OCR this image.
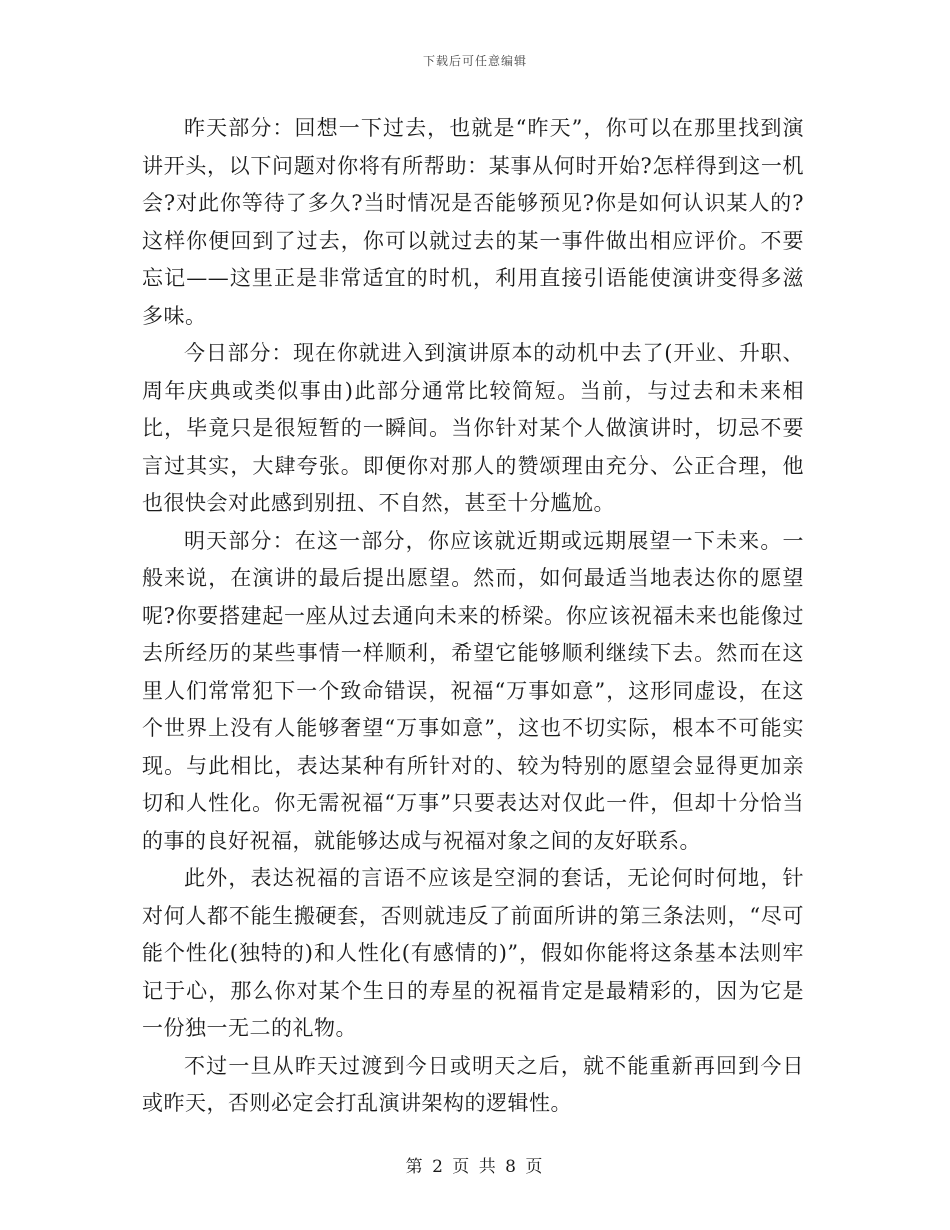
下载后可任意编辑

昨天部分：回想一下过去，也就是“昨天”，你可以在那里找到演讲开头，以下问题对你将有所帮助：某事从何时开始?怎样得到这一机会?对此你等待了多久?当时情况是否能够预见?你是如何认识某人的?这样你便回到了过去，你可以就过去的某一事件做出相应评价。不要忘记——这里正是非常适宜的时机，利用直接引语能使演讲变得多滋多味。

今日部分：现在你就进入到演讲原本的动机中去了(开业、升职、周年庆典或类似事由)此部分通常比较简短。当前，与过去和未来相比，毕竟只是很短暂的一瞬间。当你针对某个人做演讲时，切忌不要言过其实，大肆夸张。即便你对那人的赞颂理由充分、公正合理，他也很快会对此感到别扭、不自然，甚至十分尴尬。

明天部分：在这一部分，你应该就近期或远期展望一下未来。一般来说，在演讲的最后提出愿望。然而，如何最适当地表达你的愿望呢?你要搭建起一座从过去通向未来的桥梁。你应该祝福未来也能像过去所经历的某些事情一样顺利，希望它能够顺利继续下去。然而在这里人们常常犯下一个致命错误，祝福“万事如意”，这形同虚设，在这个世界上没有人能够奢望“万事如意”，这也不切实际，根本不可能实现。与此相比，表达某种有所针对的、较为特别的愿望会显得更加亲切和人性化。你无需祝福“万事”只要表达对仅此一件，但却十分恰当的事的良好祝福，就能够达成与祝福对象之间的友好联系。

此外，表达祝福的言语不应该是空洞的套话，无论何时何地，针对何人都不能生搬硬套，否则就违反了前面所讲的第三条法则，“尽可能个性化(独特的)和人性化(有感情的)”，假如你能将这条基本法则牢记于心，那么你对某个生日的寿星的祝福肯定是最精彩的，因为它是一份独一无二的礼物。

不过一旦从昨天过渡到今日或明天之后，就不能重新再回到今日或昨天，否则必定会打乱演讲架构的逻辑性。

第 2 页 共 8 页
